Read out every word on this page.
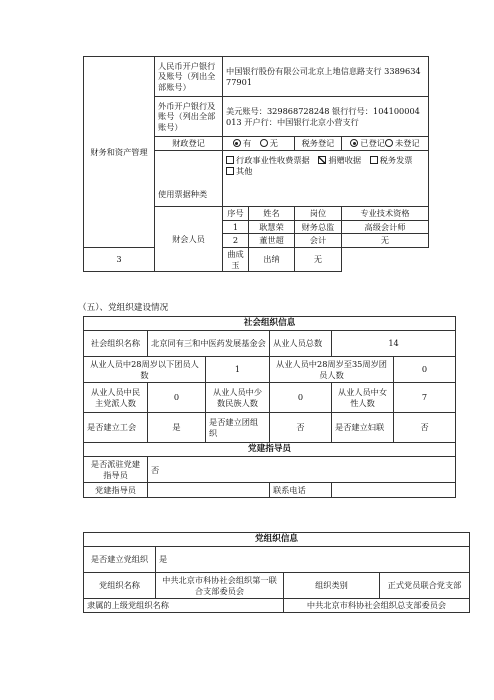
财务和资产管理	人民币开户银行及账号（列出全部账号）	中国银行股份有限公司北京上地信息路支行 338963477901			
	外币开户银行及账号（列出全部账号）	美元账号：329868728248 银行行号：104100004013 开户行：中国银行北京小营支行			
	财政登记	有 无		税务登记	已登记 未登记
	使用票据种类	行政事业性收费票据 捐赠收据 税务发票 其他			
	财会人员	序号	姓名	岗位	专业技术资格
		1	耿慧荣	财务总监	高级会计师
		2	董世超	会计	无
3		曲成玉	出纳	无	
（五）、党组织建设情况
社会组织信息					
社会组织名称	北京同有三和中医药发展基金会		从业人员总数	14	
从业人员中28周岁以下团员人数		1	从业人员中28周岁至35周岁团员人数		0
从业人员中民主党派人数	0	从业人员中少数民族人数	0	从业人员中女性人数	7
是否建立工会	是	是否建立团组织	否	是否建立妇联	否
党建指导员					
是否派驻党建指导员	否				
党建指导员			联系电话		
党组织信息			
是否建立党组织	是		
党组织名称	中共北京市科协社会组织第一联合支部委员会	组织类别	正式党员联合党支部
隶属的上级党组织名称		中共北京市科协社会组织总支部委员会	
